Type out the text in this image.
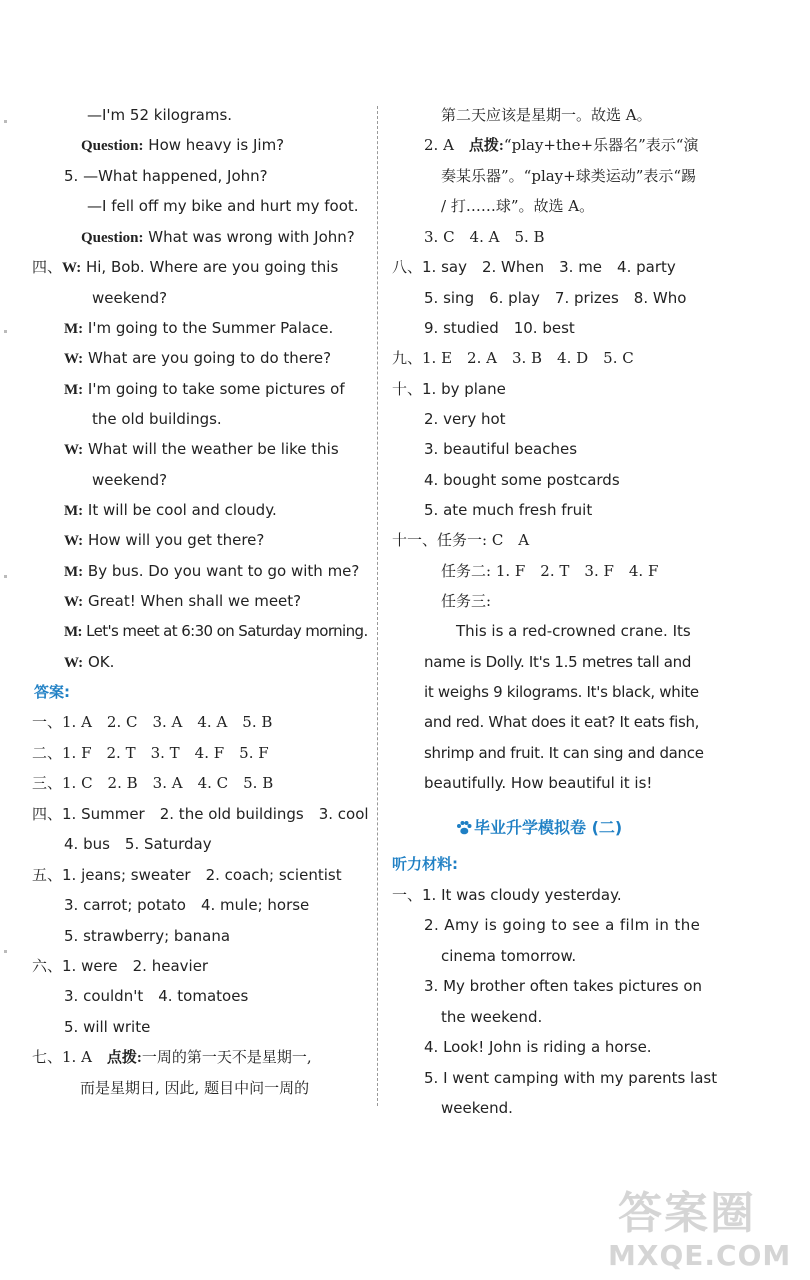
—I'm 52 kilograms.
Question: How heavy is Jim?
5. —What happened, John?
—I fell off my bike and hurt my foot.
Question: What was wrong with John?
四、W: Hi, Bob. Where are you going this
weekend?
M: I'm going to the Summer Palace.
W: What are you going to do there?
M: I'm going to take some pictures of
the old buildings.
W: What will the weather be like this
weekend?
M: It will be cool and cloudy.
W: How will you get there?
M: By bus. Do you want to go with me?
W: Great! When shall we meet?
M: Let's meet at 6:30 on Saturday morning.
W: OK.
答案:
一、1. A　2. C　3. A　4. A　5. B
二、1. F　2. T　3. T　4. F　5. F
三、1. C　2. B　3. A　4. C　5. B
四、1. Summer　2. the old buildings　3. cool
4. bus　5. Saturday
五、1. jeans; sweater　2. coach; scientist
3. carrot; potato　4. mule; horse
5. strawberry; banana
六、1. were　2. heavier
3. couldn't　4. tomatoes
5. will write
七、1. A　点拨:一周的第一天不是星期一,
而是星期日, 因此, 题目中问一周的
第二天应该是星期一。故选 A。
2. A　点拨:“play+the+乐器名”表示“演
奏某乐器”。“play+球类运动”表示“踢
/ 打……球”。故选 A。
3. C　4. A　5. B
八、1. say　2. When　3. me　4. party
5. sing　6. play　7. prizes　8. Who
9. studied　10. best
九、1. E　2. A　3. B　4. D　5. C
十、1. by plane
2. very hot
3. beautiful beaches
4. bought some postcards
5. ate much fresh fruit
十一、任务一: C　A
任务二: 1. F　2. T　3. F　4. F
任务三:
This is a red-crowned crane. Its
name is Dolly. It's 1.5 metres tall and
it weighs 9 kilograms. It's black, white
and red. What does it eat? It eats fish,
shrimp and fruit. It can sing and dance
beautifully. How beautiful it is!
毕业升学模拟卷 (二)
听力材料:
一、1. It was cloudy yesterday.
2. Amy is going to see a film in the
cinema tomorrow.
3. My brother often takes pictures on
the weekend.
4. Look! John is riding a horse.
5. I went camping with my parents last
weekend.
答案圈
MXQE.COM
